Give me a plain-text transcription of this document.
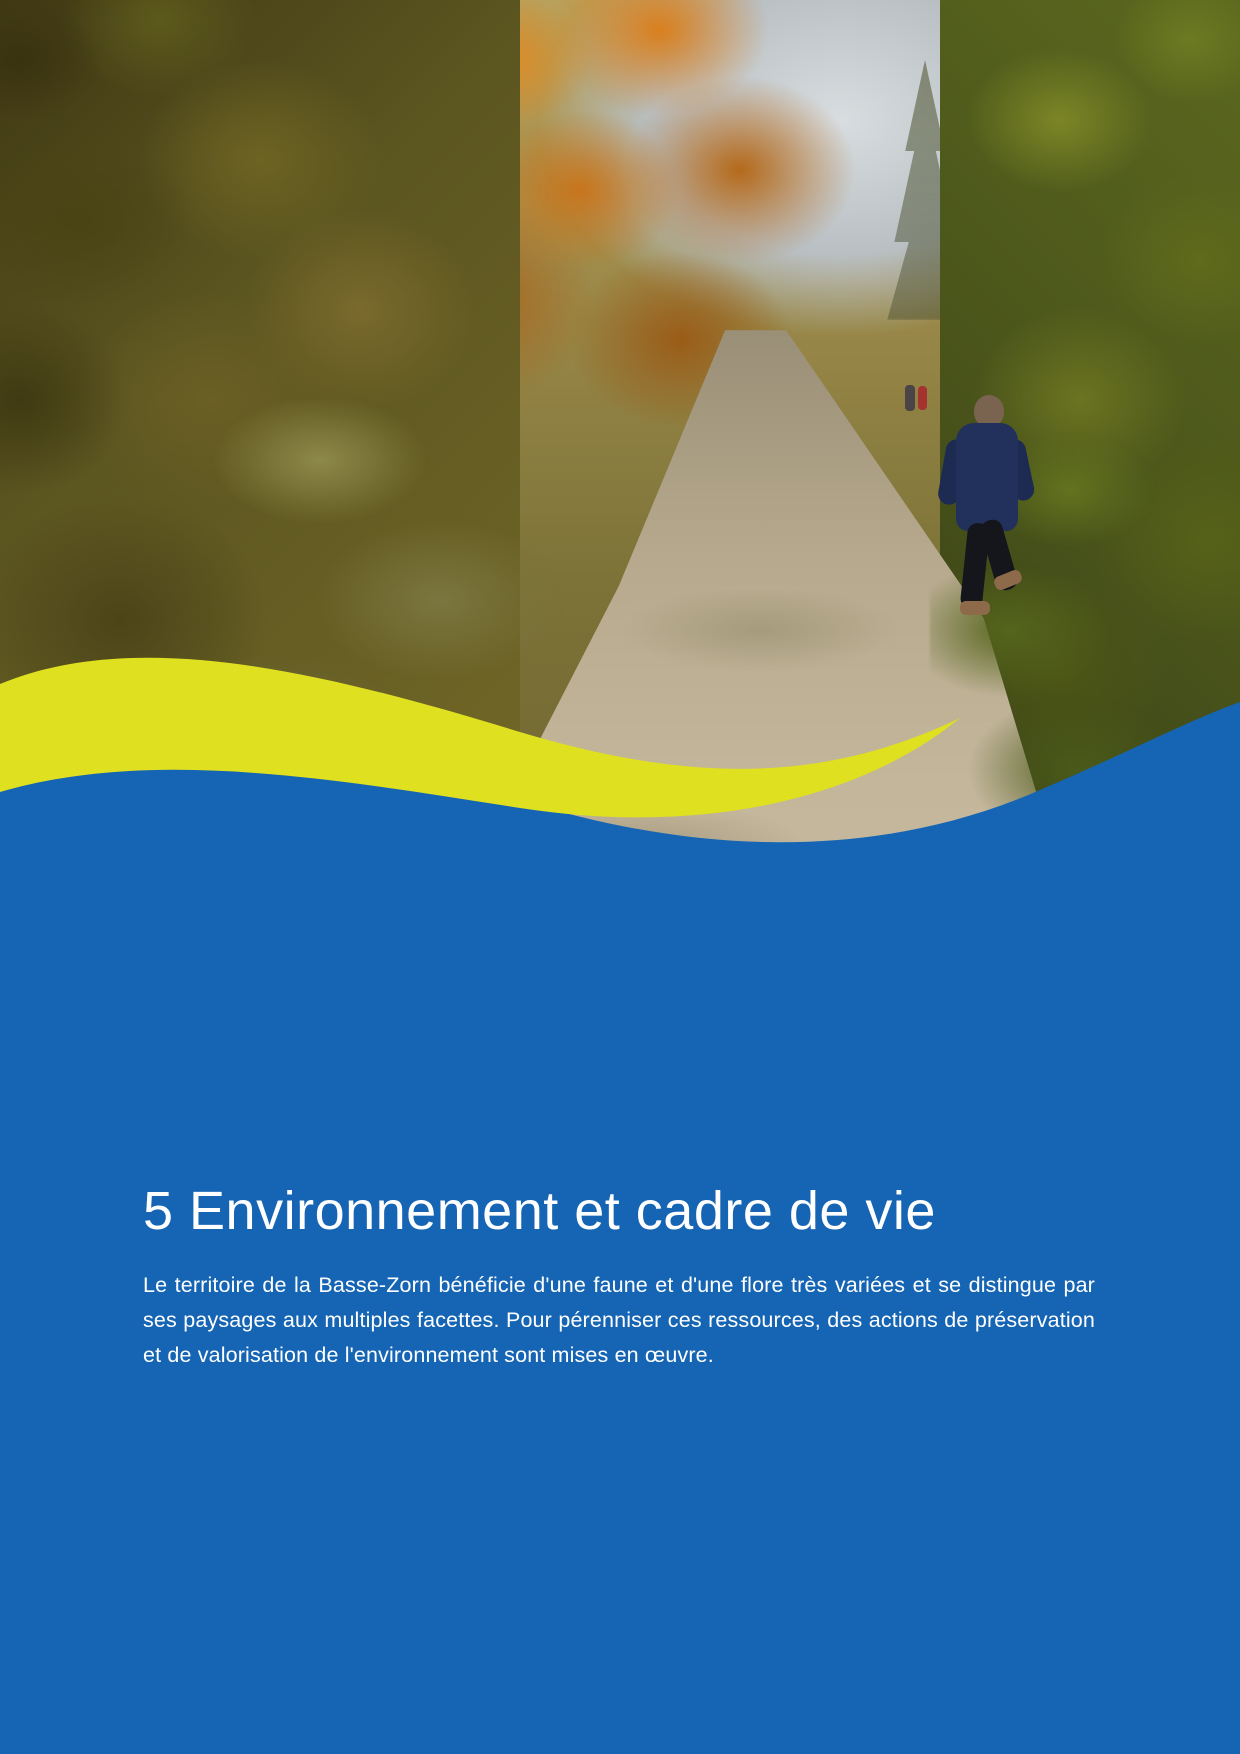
5 Environnement et cadre de vie

Le territoire de la Basse-Zorn bénéficie d'une faune et d'une flore très variées et se distingue par ses paysages aux multiples facettes. Pour pérenniser ces ressources, des actions de préservation et de valorisation de l'environnement sont mises en œuvre.
